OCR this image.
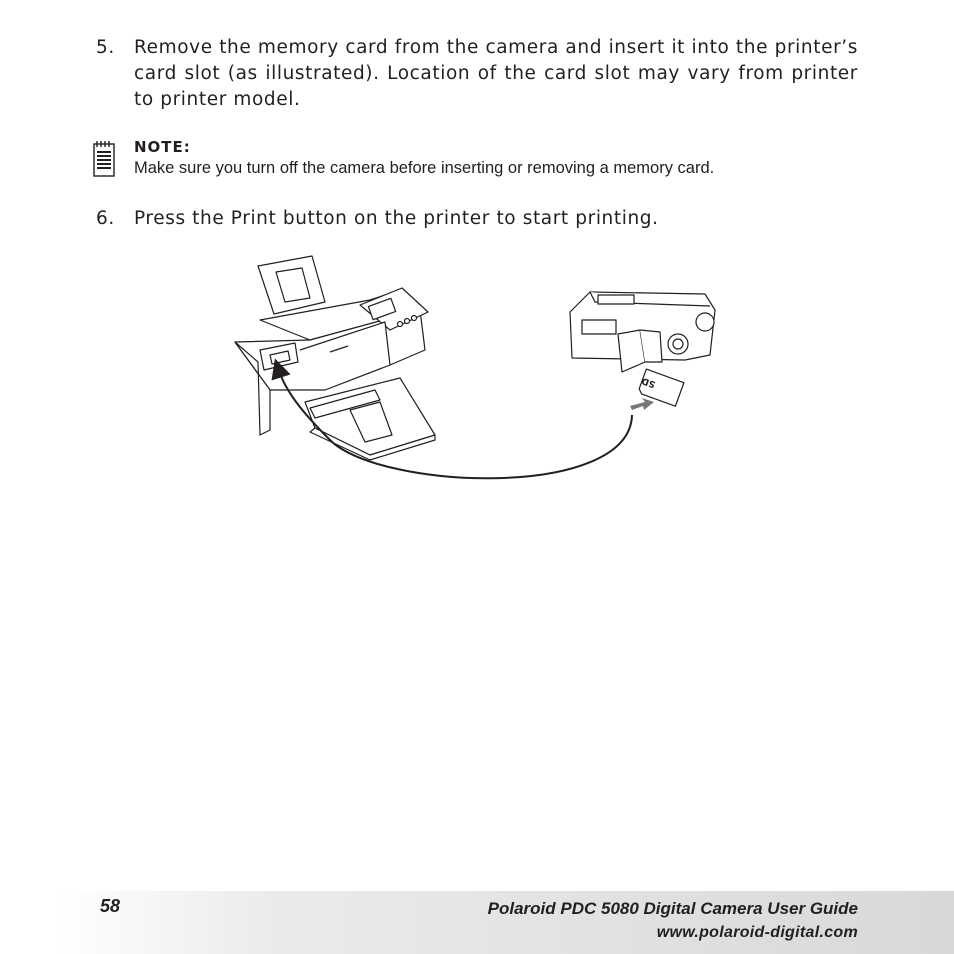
5. Remove the memory card from the camera and insert it into the printer’s card slot (as illustrated). Location of the card slot may vary from printer to printer model.
NOTE:
Make sure you turn off the camera before inserting or removing a memory card.
6. Press the Print button on the printer to start printing.
SD
58	Polaroid PDC 5080 Digital Camera User Guide
www.polaroid-digital.com
